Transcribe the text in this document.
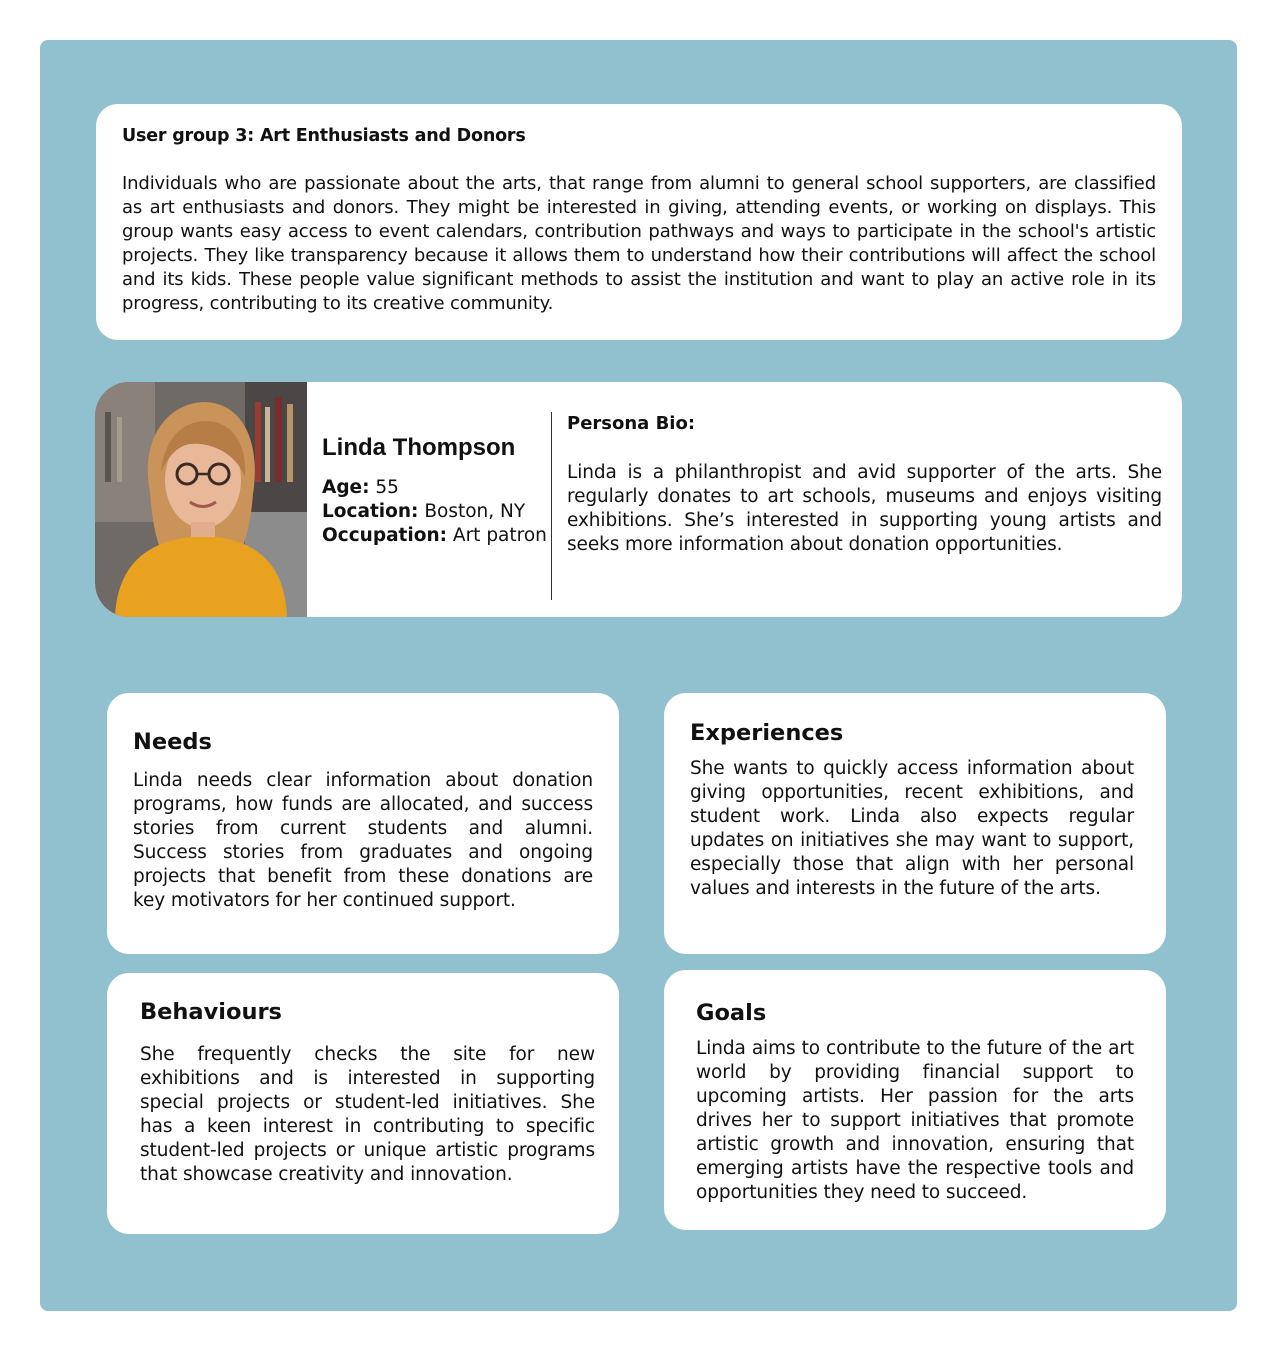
User group 3: Art Enthusiasts and Donors

Individuals who are passionate about the arts, that range from alumni to general school supporters, are classified as art enthusiasts and donors. They might be interested in giving, attending events, or working on displays. This group wants easy access to event calendars, contribution pathways and ways to participate in the school's artistic projects. They like transparency because it allows them to understand how their contributions will affect the school and its kids. These people value significant methods to assist the institution and want to play an active role in its progress, contributing to its creative community.

Linda Thompson
Age: 55
Location: Boston, NY
Occupation: Art patron
Persona Bio:

Linda is a philanthropist and avid supporter of the arts. She regularly donates to art schools, museums and enjoys visiting exhibitions. She’s interested in supporting young artists and seeks more information about donation opportunities.

Needs

Linda needs clear information about donation programs, how funds are allocated, and success stories from current students and alumni. Success stories from graduates and ongoing projects that benefit from these donations are key motivators for her continued support.

Experiences

She wants to quickly access information about giving opportunities, recent exhibitions, and student work. Linda also expects regular updates on initiatives she may want to support, especially those that align with her personal values and interests in the future of the arts.

Behaviours

She frequently checks the site for new exhibitions and is interested in supporting special projects or student-led initiatives. She has a keen interest in contributing to specific student-led projects or unique artistic programs that showcase creativity and innovation.

Goals

Linda aims to contribute to the future of the art world by providing financial support to upcoming artists. Her passion for the arts drives her to support initiatives that promote artistic growth and innovation, ensuring that emerging artists have the respective tools and opportunities they need to succeed.
